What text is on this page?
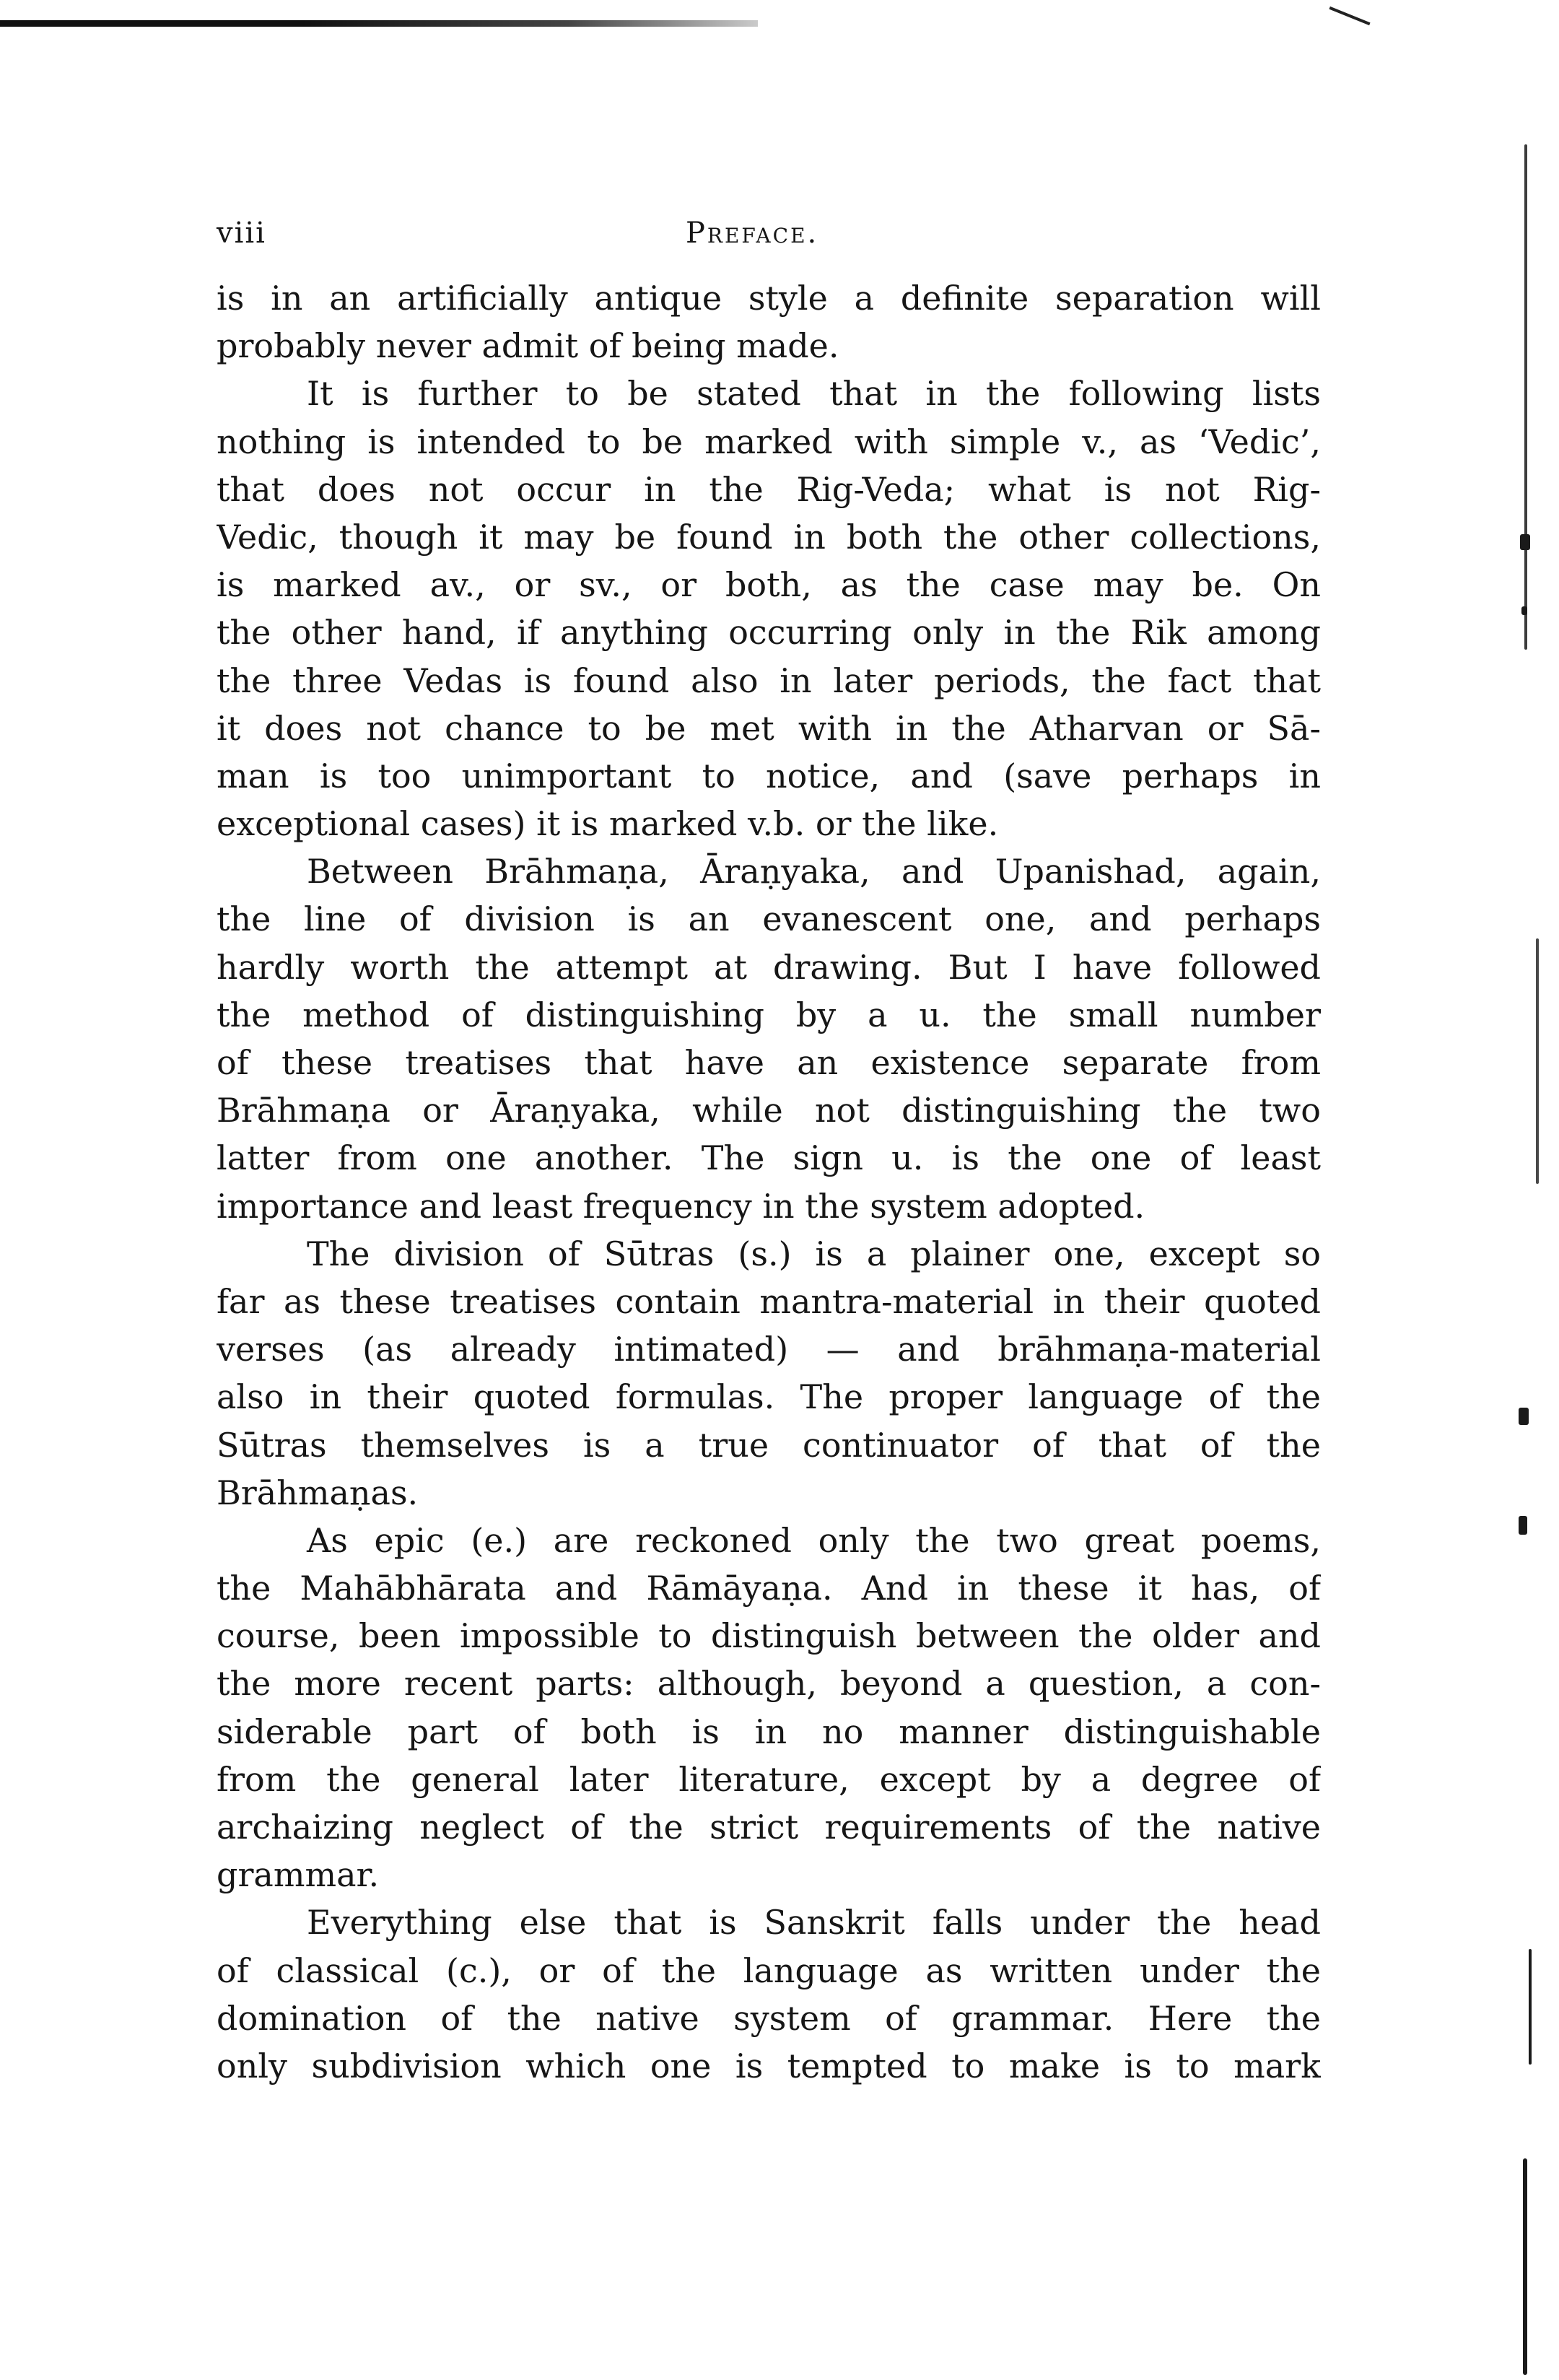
viii	Preface.
is in an artificially antique style a definite separation will
probably never admit of being made.
It is further to be stated that in the following lists
nothing is intended to be marked with simple v., as ‘Vedic’,
that does not occur in the Rig-Veda; what is not Rig-
Vedic, though it may be found in both the other collections,
is marked av., or sv., or both, as the case may be. On
the other hand, if anything occurring only in the Rik among
the three Vedas is found also in later periods, the fact that
it does not chance to be met with in the Atharvan or Sā-
man is too unimportant to notice, and (save perhaps in
exceptional cases) it is marked v.b. or the like.
Between Brāhmaṇa, Āraṇyaka, and Upanishad, again,
the line of division is an evanescent one, and perhaps
hardly worth the attempt at drawing. But I have followed
the method of distinguishing by a u. the small number
of these treatises that have an existence separate from
Brāhmaṇa or Āraṇyaka, while not distinguishing the two
latter from one another. The sign u. is the one of least
importance and least frequency in the system adopted.
The division of Sūtras (s.) is a plainer one, except so
far as these treatises contain mantra-material in their quoted
verses (as already intimated) — and brāhmaṇa-material
also in their quoted formulas. The proper language of the
Sūtras themselves is a true continuator of that of the
Brāhmaṇas.
As epic (e.) are reckoned only the two great poems,
the Mahābhārata and Rāmāyaṇa. And in these it has, of
course, been impossible to distinguish between the older and
the more recent parts: although, beyond a question, a con-
siderable part of both is in no manner distinguishable
from the general later literature, except by a degree of
archaizing neglect of the strict requirements of the native
grammar.
Everything else that is Sanskrit falls under the head
of classical (c.), or of the language as written under the
domination of the native system of grammar. Here the
only subdivision which one is tempted to make is to mark
